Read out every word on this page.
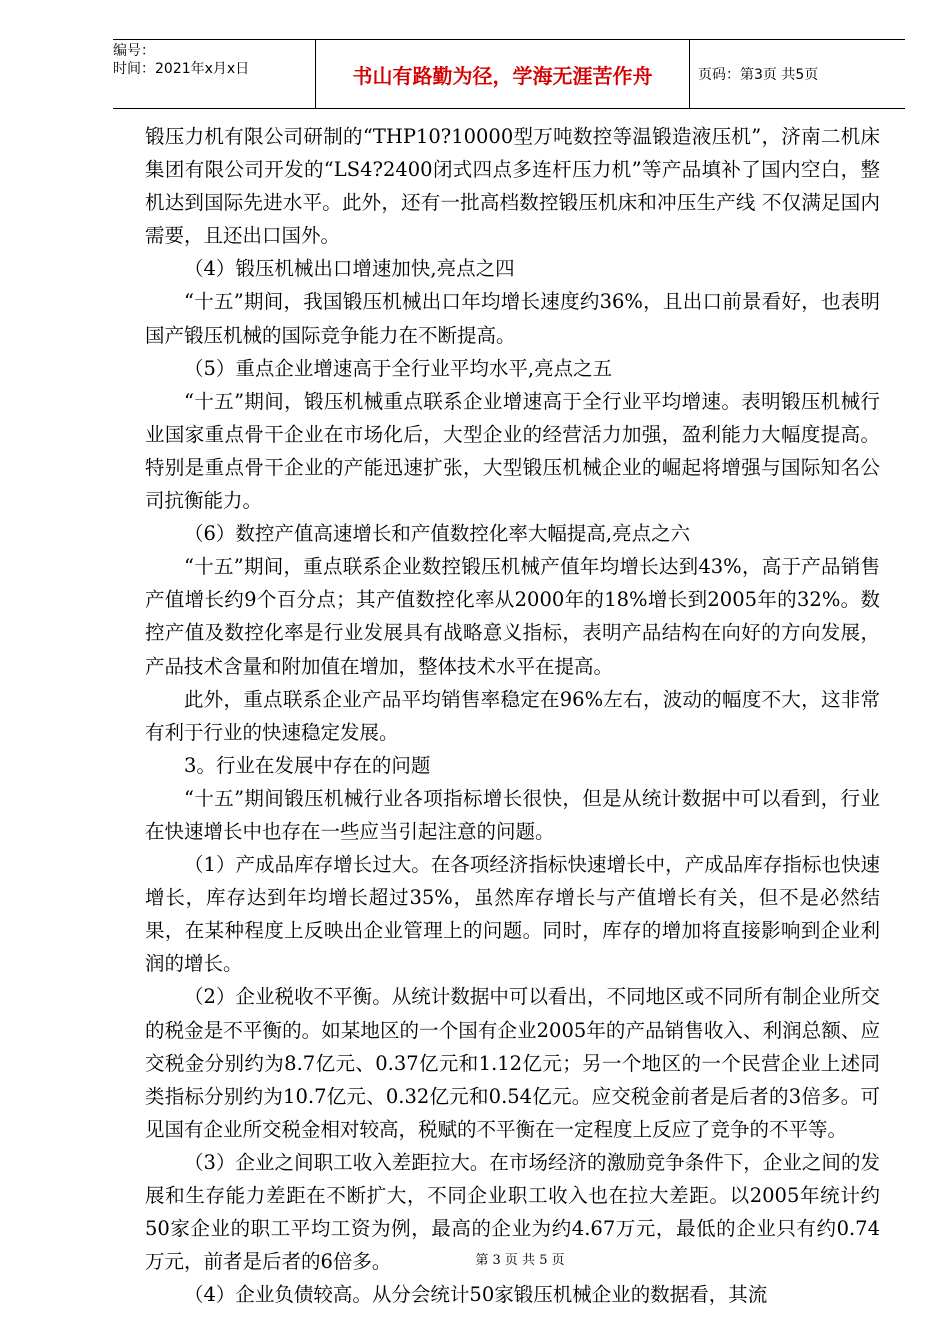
编号：
时间：2021年x月x日	书山有路勤为径，学海无涯苦作舟	页码：第3页 共5页

锻压力机有限公司研制的“THP10?10000型万吨数控等温锻造液压机”，济南二机床集团有限公司开发的“LS4?2400闭式四点多连杆压力机”等产品填补了国内空白，整机达到国际先进水平。此外，还有一批高档数控锻压机床和冲压生产线 不仅满足国内需要，且还出口国外。

（4）锻压机械出口增速加快,亮点之四

“十五”期间，我国锻压机械出口年均增长速度约36%，且出口前景看好，也表明国产锻压机械的国际竞争能力在不断提高。

（5）重点企业增速高于全行业平均水平,亮点之五

“十五”期间，锻压机械重点联系企业增速高于全行业平均增速。表明锻压机械行业国家重点骨干企业在市场化后，大型企业的经营活力加强，盈利能力大幅度提高。特别是重点骨干企业的产能迅速扩张，大型锻压机械企业的崛起将增强与国际知名公司抗衡能力。

（6）数控产值高速增长和产值数控化率大幅提高,亮点之六

“十五”期间，重点联系企业数控锻压机械产值年均增长达到43%，高于产品销售产值增长约9个百分点；其产值数控化率从2000年的18%增长到2005年的32%。数控产值及数控化率是行业发展具有战略意义指标，表明产品结构在向好的方向发展，产品技术含量和附加值在增加，整体技术水平在提高。

此外，重点联系企业产品平均销售率稳定在96%左右，波动的幅度不大，这非常有利于行业的快速稳定发展。

3。行业在发展中存在的问题

“十五”期间锻压机械行业各项指标增长很快，但是从统计数据中可以看到，行业在快速增长中也存在一些应当引起注意的问题。

（1）产成品库存增长过大。在各项经济指标快速增长中，产成品库存指标也快速增长，库存达到年均增长超过35%，虽然库存增长与产值增长有关，但不是必然结果，在某种程度上反映出企业管理上的问题。同时，库存的增加将直接影响到企业利润的增长。

（2）企业税收不平衡。从统计数据中可以看出，不同地区或不同所有制企业所交的税金是不平衡的。如某地区的一个国有企业2005年的产品销售收入、利润总额、应交税金分别约为8.7亿元、0.37亿元和1.12亿元；另一个地区的一个民营企业上述同类指标分别约为10.7亿元、0.32亿元和0.54亿元。应交税金前者是后者的3倍多。可见国有企业所交税金相对较高，税赋的不平衡在一定程度上反应了竞争的不平等。

（3）企业之间职工收入差距拉大。在市场经济的激励竞争条件下，企业之间的发展和生存能力差距在不断扩大，不同企业职工收入也在拉大差距。以2005年统计约50家企业的职工平均工资为例，最高的企业为约4.67万元，最低的企业只有约0.74万元，前者是后者的6倍多。

（4）企业负债较高。从分会统计50家锻压机械企业的数据看，其流

第 3 页 共 5 页
